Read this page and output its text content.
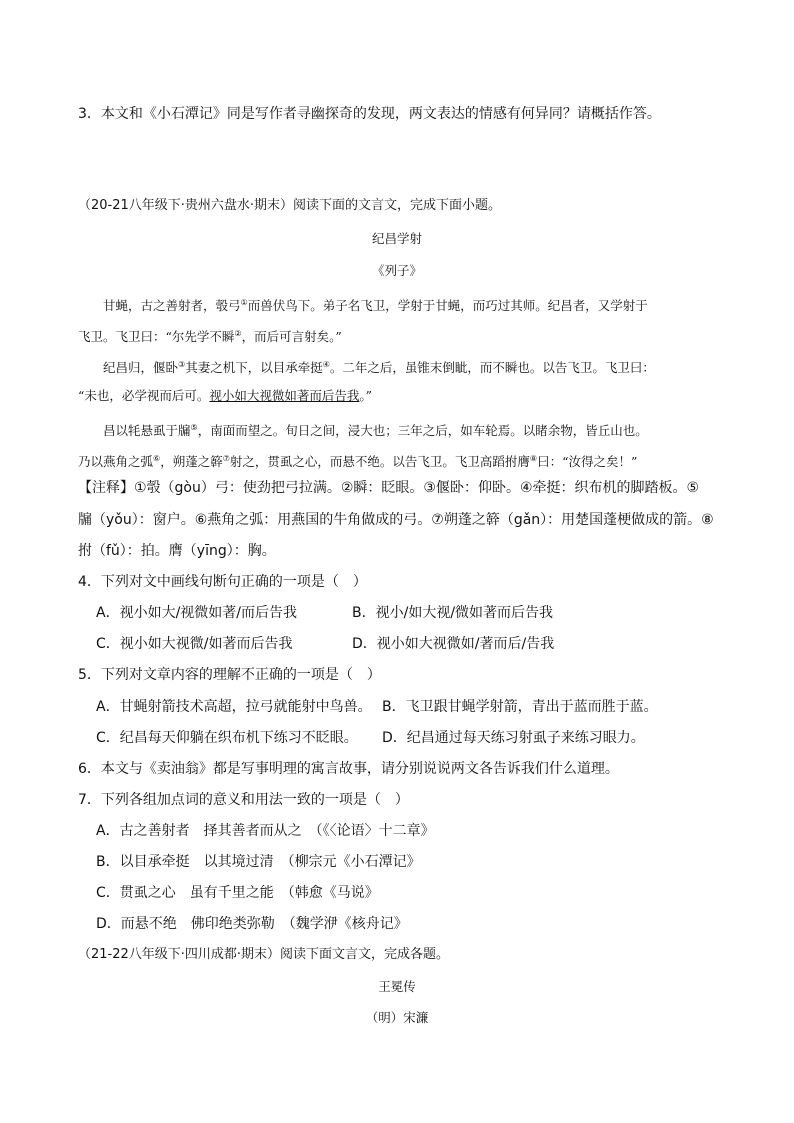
3．本文和《小石潭记》同是写作者寻幽探奇的发现，两文表达的情感有何异同？请概括作答。
（20-21八年级下·贵州六盘水·期末）阅读下面的文言文，完成下面小题。
纪昌学射
《列子》
甘蝇，古之善射者，彀弓①而兽伏鸟下。弟子名飞卫，学射于甘蝇，而巧过其师。纪昌者，又学射于
飞卫。飞卫曰：“尔先学不瞬②，而后可言射矣。”
纪昌归，偃卧③其妻之机下，以目承牵挺④。二年之后，虽锥末倒眦，而不瞬也。以告飞卫。飞卫曰：
“未也，必学视而后可。视小如大视微如著而后告我。”
昌以牦悬虱于牖⑤，南面而望之。旬日之间，浸大也；三年之后，如车轮焉。以睹余物，皆丘山也。
乃以燕角之弧⑥，朔蓬之簳⑦射之，贯虱之心，而悬不绝。以告飞卫。飞卫高蹈拊膺⑧曰：“汝得之矣！”
【注释】①彀（gòu）弓：使劲把弓拉满。②瞬：眨眼。③偃卧：仰卧。④牵挺：织布机的脚踏板。⑤
牖（yǒu）：窗户。⑥燕角之弧：用燕国的牛角做成的弓。⑦朔蓬之簳（gǎn）：用楚国蓬梗做成的箭。⑧
拊（fǔ）：拍。膺（yīng）：胸。
4．下列对文中画线句断句正确的一项是（　）
A．视小如大/视微如著/而后告我	B．视小/如大视/微如著而后告我
C．视小如大视微/如著而后告我	D．视小如大视微如/著而后/告我
5．下列对文章内容的理解不正确的一项是（　）
A．甘蝇射箭技术高超，拉弓就能射中鸟兽。 B．飞卫跟甘蝇学射箭，青出于蓝而胜于蓝。
C．纪昌每天仰躺在织布机下练习不眨眼。 D．纪昌通过每天练习射虱子来练习眼力。
6．本文与《卖油翁》都是写事明理的寓言故事，请分别说说两文各告诉我们什么道理。
7．下列各组加点词的意义和用法一致的一项是（　）
A．古之善射者　择其善者而从之　（《〈论语〉十二章》
B．以目承牵挺　以其境过清　（柳宗元《小石潭记》
C．贯虱之心　虽有千里之能　（韩愈《马说》
D．而悬不绝　佛印绝类弥勒　（魏学洢《核舟记》
（21-22八年级下·四川成都·期末）阅读下面文言文，完成各题。
王冕传
（明）宋濂
